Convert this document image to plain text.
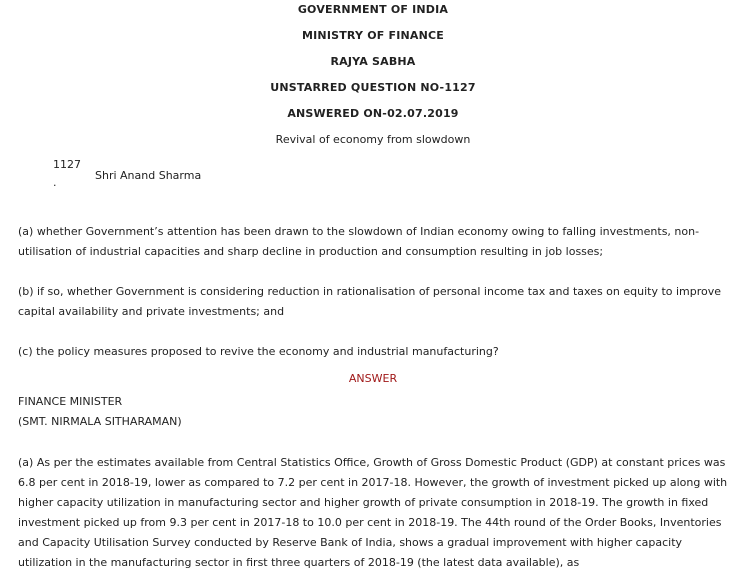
GOVERNMENT OF INDIA
MINISTRY OF FINANCE
RAJYA SABHA
UNSTARRED QUESTION NO-1127
ANSWERED ON-02.07.2019
Revival of economy from slowdown
1127
.
Shri Anand Sharma
(a) whether Government’s attention has been drawn to the slowdown of Indian economy owing to falling investments, non-utilisation of industrial capacities and sharp decline in production and consumption resulting in job losses;
(b) if so, whether Government is considering reduction in rationalisation of personal income tax and taxes on equity to improve capital availability and private investments; and
(c) the policy measures proposed to revive the economy and industrial manufacturing?
ANSWER
FINANCE MINISTER
(SMT. NIRMALA SITHARAMAN)
(a) As per the estimates available from Central Statistics Office, Growth of Gross Domestic Product (GDP) at constant prices was 6.8 per cent in 2018-19, lower as compared to 7.2 per cent in 2017-18. However, the growth of investment picked up along with higher capacity utilization in manufacturing sector and higher growth of private consumption in 2018-19. The growth in fixed investment picked up from 9.3 per cent in 2017-18 to 10.0 per cent in 2018-19. The 44th round of the Order Books, Inventories and Capacity Utilisation Survey conducted by Reserve Bank of India, shows a gradual improvement with higher capacity utilization in the manufacturing sector in first three quarters of 2018-19 (the latest data available), as
